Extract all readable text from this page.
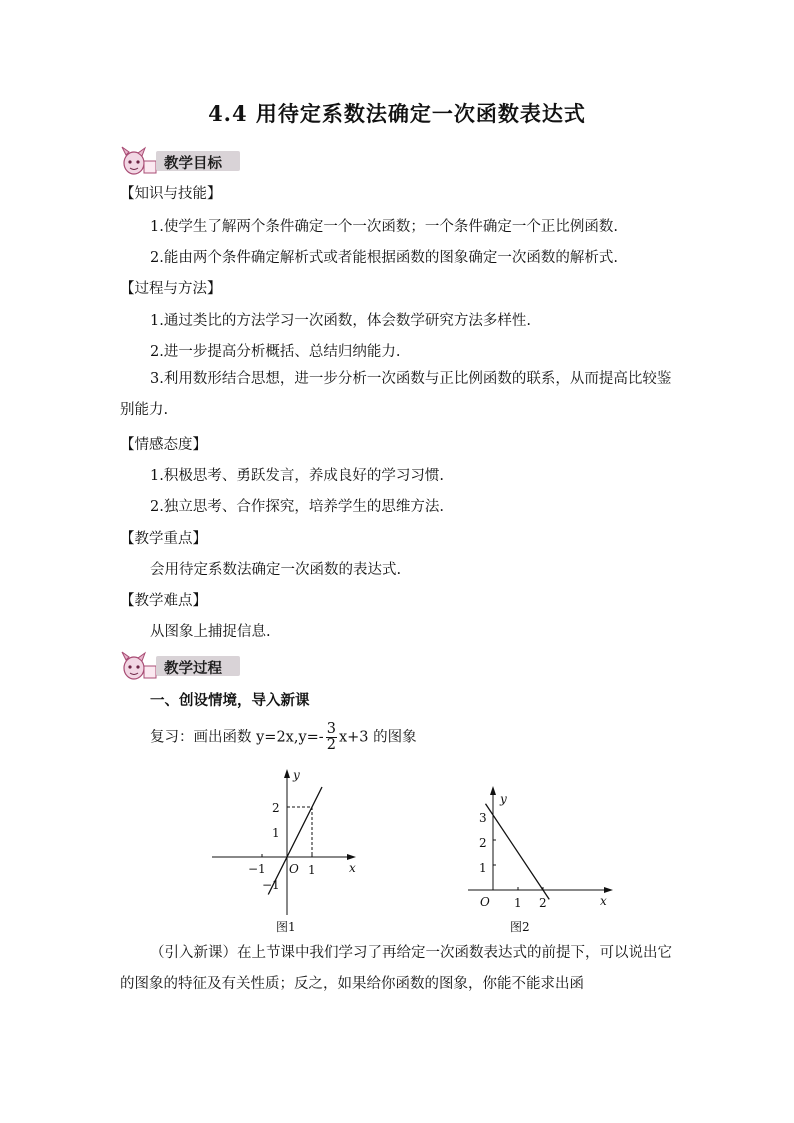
4.4 用待定系数法确定一次函数表达式
教学目标
【知识与技能】
1.使学生了解两个条件确定一个一次函数；一个条件确定一个正比例函数.
2.能由两个条件确定解析式或者能根据函数的图象确定一次函数的解析式.
【过程与方法】
1.通过类比的方法学习一次函数，体会数学研究方法多样性.
2.进一步提高分析概括、总结归纳能力.
3.利用数形结合思想，进一步分析一次函数与正比例函数的联系，从而提高比较鉴别能力.
【情感态度】
1.积极思考、勇跃发言，养成良好的学习习惯.
2.独立思考、合作探究，培养学生的思维方法.
【教学重点】
会用待定系数法确定一次函数的表达式.
【教学难点】
从图象上捕捉信息.
教学过程
一、创设情境，导入新课
复习：画出函数 $y=2x,y=- \frac{3}{2} x+3$ 的图象
x
y
O
−1	1
2
1
−1
图1
x
y
O 1 2
3
2
1
图2
（引入新课）在上节课中我们学习了再给定一次函数表达式的前提下，可以说出它的图象的特征及有关性质；反之，如果给你函数的图象，你能不能求出函
